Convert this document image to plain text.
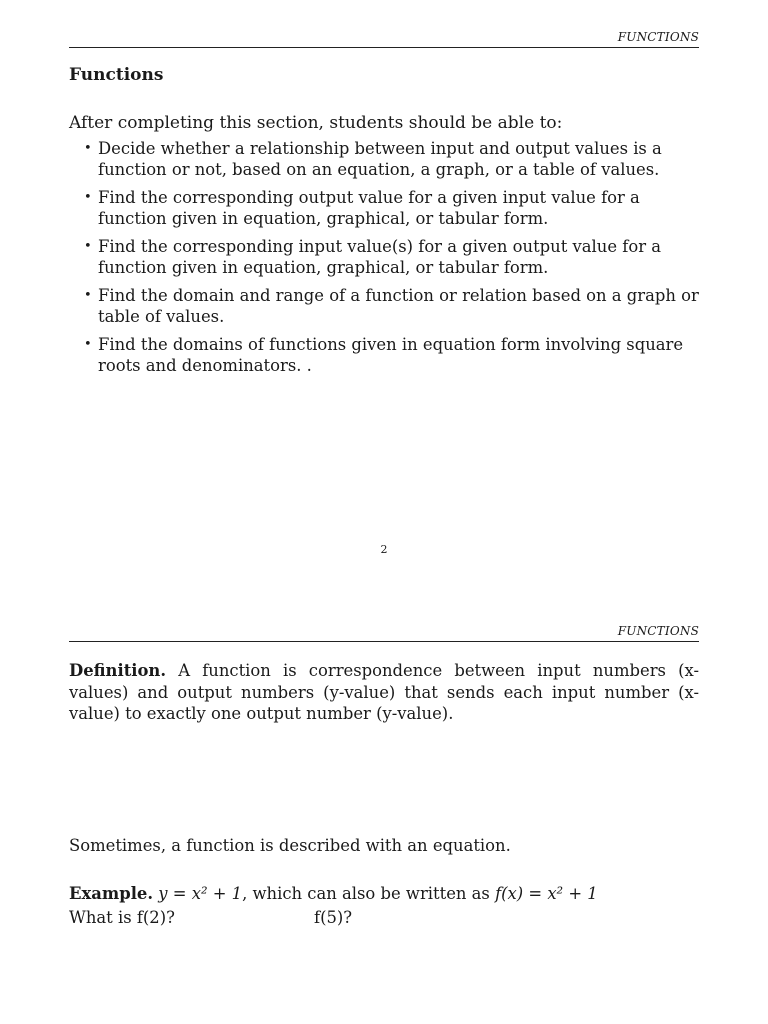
FUNCTIONS
Functions
After completing this section, students should be able to:
• Decide whether a relationship between input and output values is a function or not, based on an equation, a graph, or a table of values.
• Find the corresponding output value for a given input value for a function given in equation, graphical, or tabular form.
• Find the corresponding input value(s) for a given output value for a function given in equation, graphical, or tabular form.
• Find the domain and range of a function or relation based on a graph or table of values.
• Find the domains of functions given in equation form involving square roots and denominators. .
2
FUNCTIONS
Definition. A function is correspondence between input numbers (x-values) and output numbers (y-value) that sends each input number (x-value) to exactly one output number (y-value).
Sometimes, a function is described with an equation.
Example. y = x² + 1, which can also be written as f(x) = x² + 1
What is f(2)?	f(5)?
